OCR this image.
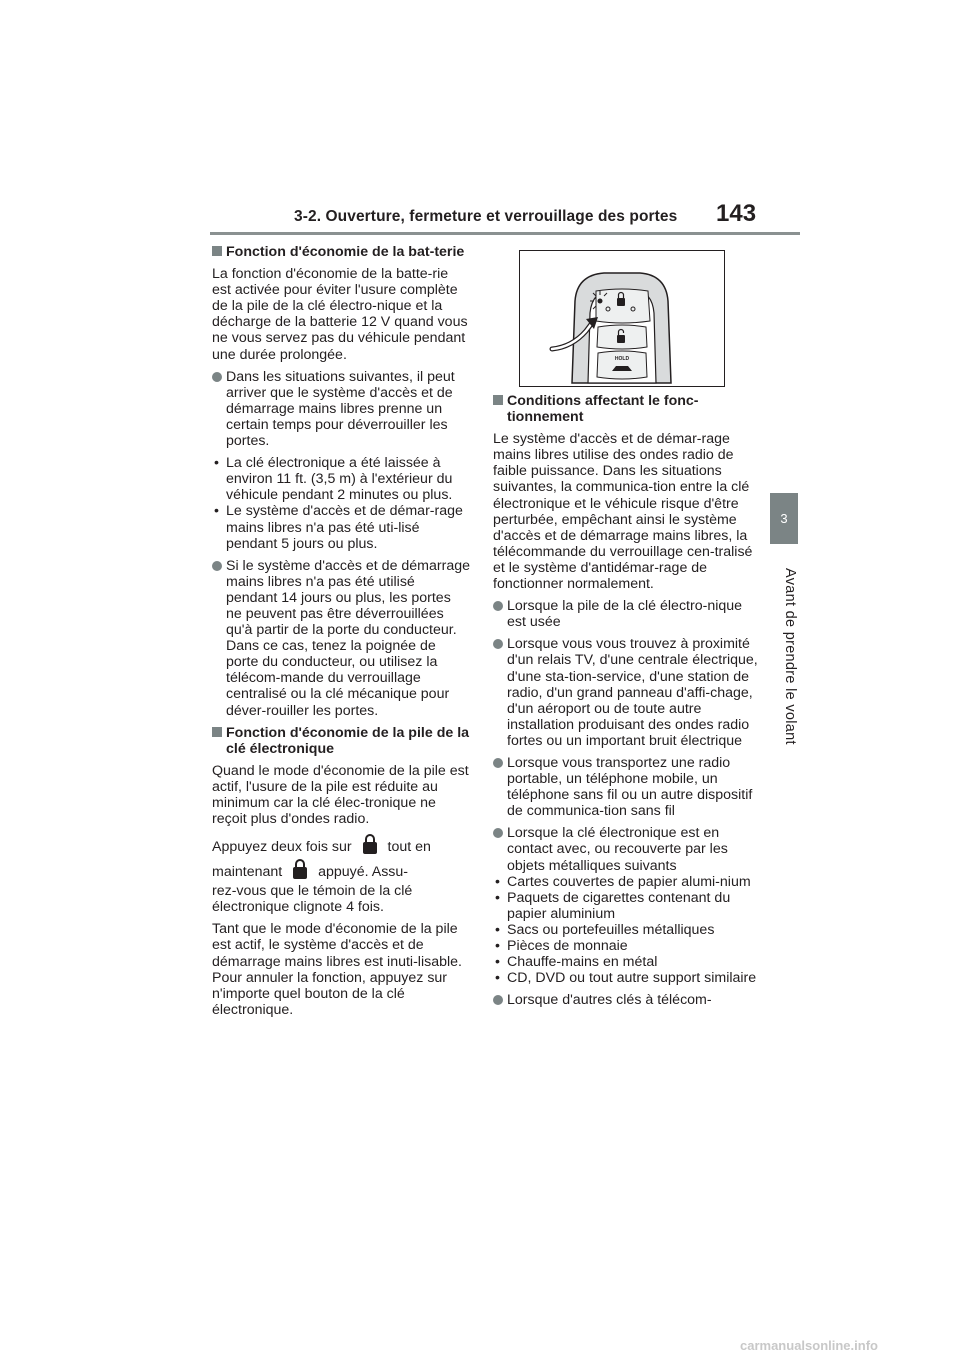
3-2. Ouverture, fermeture et verrouillage des portes 143
3
Avant de prendre le volant
Fonction d'économie de la bat-terie

La fonction d'économie de la batte-rie est activée pour éviter l'usure complète de la pile de la clé électro-nique et la décharge de la batterie 12 V quand vous ne vous servez pas du véhicule pendant une durée prolongée.

Dans les situations suivantes, il peut arriver que le système d'accès et de démarrage mains libres prenne un certain temps pour déverrouiller les portes.
• La clé électronique a été laissée à environ 11 ft. (3,5 m) à l'extérieur du véhicule pendant 2 minutes ou plus.
• Le système d'accès et de démar-rage mains libres n'a pas été uti-lisé pendant 5 jours ou plus.
Si le système d'accès et de démarrage mains libres n'a pas été utilisé pendant 14 jours ou plus, les portes ne peuvent pas être déverrouillées qu'à partir de la porte du conducteur. Dans ce cas, tenez la poignée de porte du conducteur, ou utilisez la télécom-mande du verrouillage centralisé ou la clé mécanique pour déver-rouiller les portes.
Fonction d'économie de la pile de la clé électronique

Quand le mode d'économie de la pile est actif, l'usure de la pile est réduite au minimum car la clé élec-tronique ne reçoit plus d'ondes radio.

Appuyez deux fois sur	tout en

maintenant	appuyé. Assu-

rez-vous que le témoin de la clé électronique clignote 4 fois.

Tant que le mode d'économie de la pile est actif, le système d'accès et de démarrage mains libres est inuti-lisable. Pour annuler la fonction, appuyez sur n'importe quel bouton de la clé électronique.

HOLD
Conditions affectant le fonc-tionnement

Le système d'accès et de démar-rage mains libres utilise des ondes radio de faible puissance. Dans les situations suivantes, la communica-tion entre la clé électronique et le véhicule risque d'être perturbée, empêchant ainsi le système d'accès et de démarrage mains libres, la télécommande du verrouillage cen-tralisé et le système d'antidémar-rage de fonctionner normalement.

Lorsque la pile de la clé électro-nique est usée
Lorsque vous vous trouvez à proximité d'un relais TV, d'une centrale électrique, d'une sta-tion-service, d'une station de radio, d'un grand panneau d'affi-chage, d'un aéroport ou de toute autre installation produisant des ondes radio fortes ou un important bruit électrique
Lorsque vous transportez une radio portable, un téléphone mobile, un téléphone sans fil ou un autre dispositif de communica-tion sans fil
Lorsque la clé électronique est en contact avec, ou recouverte par les objets métalliques suivants
• Cartes couvertes de papier alumi-nium
• Paquets de cigarettes contenant du papier aluminium
• Sacs ou portefeuilles métalliques
• Pièces de monnaie
• Chauffe-mains en métal
• CD, DVD ou tout autre support similaire
Lorsque d'autres clés à télécom-
carmanualsonline.info
